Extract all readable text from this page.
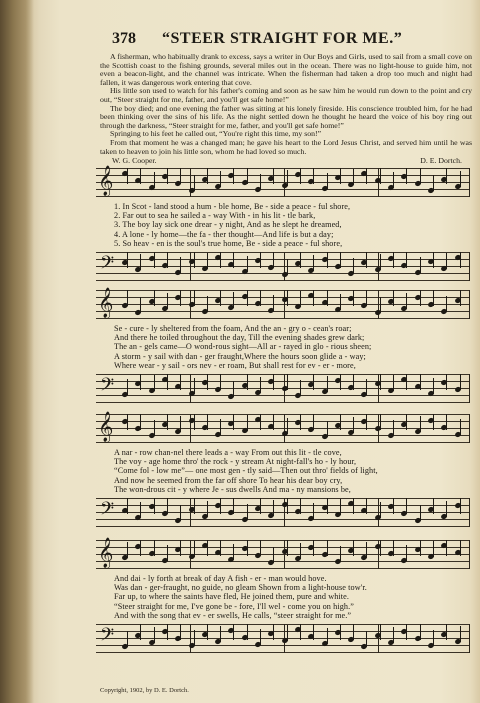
378 “STEER STRAIGHT FOR ME.”

A fisherman, who habitually drank to excess, says a writer in Our Boys and Girls, used to sail from a small cove on the Scottish coast to the fishing grounds, several miles out in the ocean. There was no light-house to guide him, not even a beacon-light, and the channel was intricate. When the fisherman had taken a drop too much and night had fallen, it was dangerous work entering that cove.

His little son used to watch for his father's coming and soon as he saw him he would run down to the point and cry out, “Steer straight for me, father, and you'll get safe home!”

The boy died; and one evening the father was sitting at his lonely fireside. His conscience troubled him, for he had been thinking over the sins of his life. As the night settled down he thought he heard the voice of his boy ring out through the darkness, “Steer straight for me, father, and you'll get safe home!”

Springing to his feet he called out, “You're right this time, my son!”

From that moment he was a changed man; he gave his heart to the Lord Jesus Christ, and served him until he was taken to heaven to join his little son, whom he had loved so much.

W. G. Cooper.	D. E. Dortch.
𝄞
1. In Scot - land stood a hum - ble home, Be - side a peace - ful shore,
2. Far out to sea he sailed a - way With - in his lit - tle bark,
3. The boy lay sick one drear - y night, And as he slept he dreamed,
4. A lone - ly home—the fa - ther thought—And life is but a day;
5. So heav - en is the soul's true home, Be - side a peace - ful shore,
𝄢
𝄞
Se - cure - ly sheltered from the foam, And the an - gry o - cean's roar;
And there he toiled throughout the day, Till the evening shades grew dark;
The an - gels came—O wond-rous sight—All ar - rayed in glo - rious sheen;
A storm - y sail with dan - ger fraught,Where the hours soon glide a - way;
Where wear - y sail - ors nev - er roam, But shall rest for ev - er - more,
𝄢
𝄞
A nar - row chan-nel there leads a - way From out this lit - tle cove,
The voy - age home thro' the rock - y stream At night-fall's ho - ly hour,
“Come fol - low me”— one most gen - tly said—Then out thro' fields of light,
And now he seemed from the far off shore To hear his dear boy cry,
The won-drous cit - y where Je - sus dwells And ma - ny mansions be,
𝄢
𝄞
And dai - ly forth at break of day A fish - er - man would hove.
Was dan - ger-fraught, no guide, no gleam Shown from a light-house tow'r.
Far up, to where the saints have fled, He joined them, pure and white.
“Steer straight for me, I've gone be - fore, I'll wel - come you on high.”
And with the song that ev - er swells, He calls, “steer straight for me.”
𝄢
Copyright, 1902, by D. E. Dortch.
